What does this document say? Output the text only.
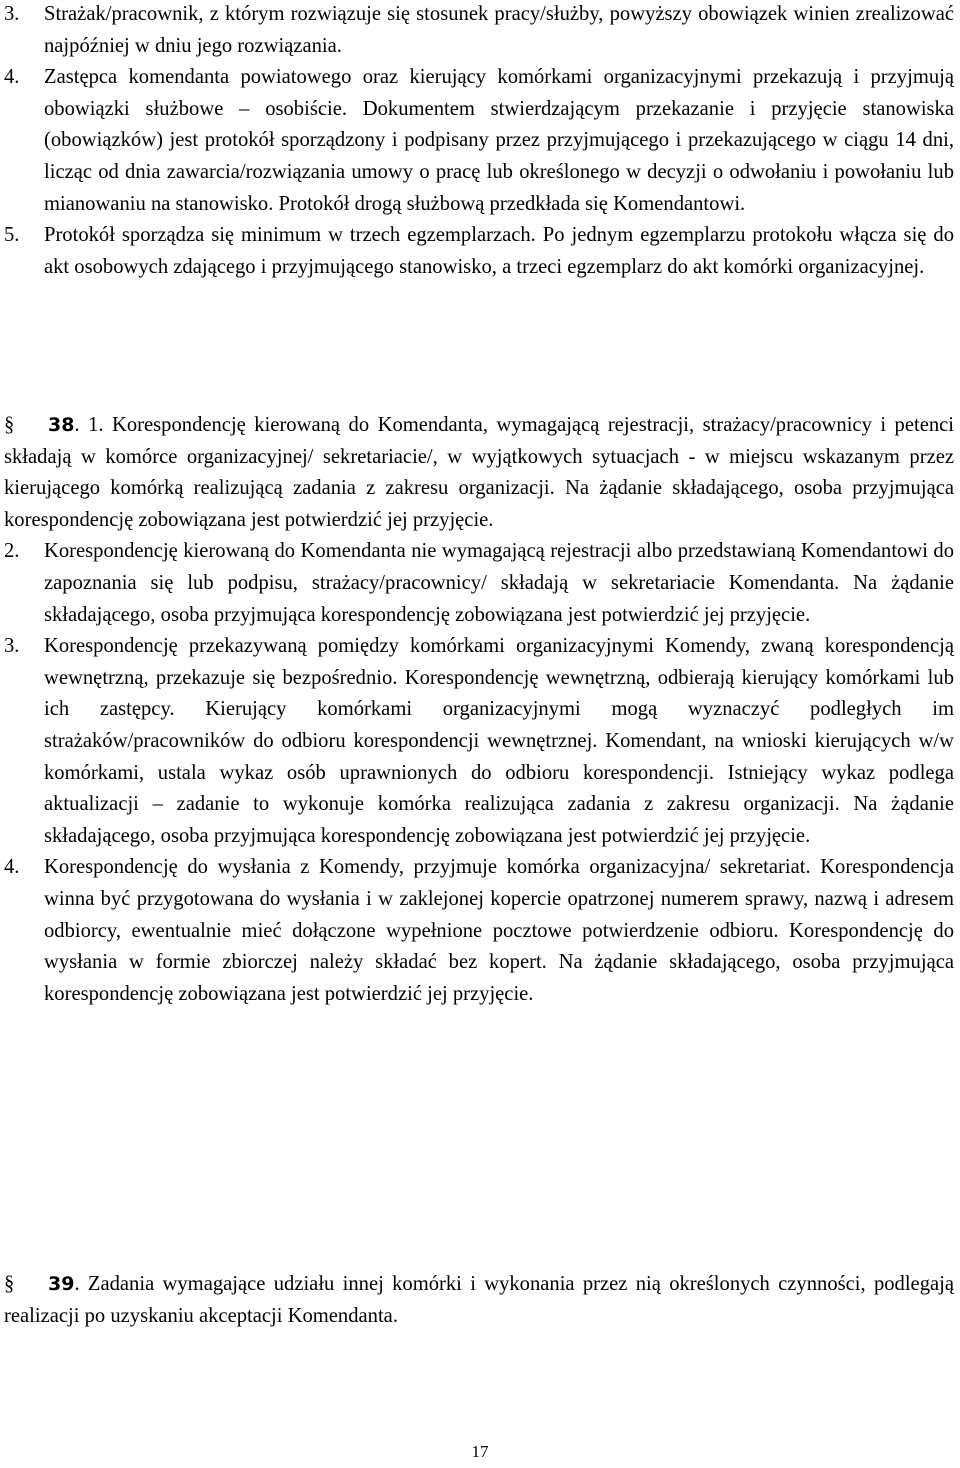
3. Strażak/pracownik, z którym rozwiązuje się stosunek pracy/służby, powyższy obowiązek winien zrealizować najpóźniej w dniu jego rozwiązania.
4. Zastępca komendanta powiatowego oraz kierujący komórkami organizacyjnymi przekazują i przyjmują obowiązki służbowe – osobiście. Dokumentem stwierdzającym przekazanie i przyjęcie stanowiska (obowiązków) jest protokół sporządzony i podpisany przez przyjmującego i przekazującego w ciągu 14 dni, licząc od dnia zawarcia/rozwiązania umowy o pracę lub określonego w decyzji o odwołaniu i powołaniu lub mianowaniu na stanowisko. Protokół drogą służbową przedkłada się Komendantowi.
5. Protokół sporządza się minimum w trzech egzemplarzach. Po jednym egzemplarzu protokołu włącza się do akt osobowych zdającego i przyjmującego stanowisko, a trzeci egzemplarz do akt komórki organizacyjnej.

§ 38. 1. Korespondencję kierowaną do Komendanta, wymagającą rejestracji, strażacy/pracownicy i petenci składają w komórce organizacyjnej/ sekretariacie/, w wyjątkowych sytuacjach - w miejscu wskazanym przez kierującego komórką realizującą zadania z zakresu organizacji. Na żądanie składającego, osoba przyjmująca korespondencję zobowiązana jest potwierdzić jej przyjęcie.

2. Korespondencję kierowaną do Komendanta nie wymagającą rejestracji albo przedstawianą Komendantowi do zapoznania się lub podpisu, strażacy/pracownicy/ składają w sekretariacie Komendanta. Na żądanie składającego, osoba przyjmująca korespondencję zobowiązana jest potwierdzić jej przyjęcie.
3. Korespondencję przekazywaną pomiędzy komórkami organizacyjnymi Komendy, zwaną korespondencją wewnętrzną, przekazuje się bezpośrednio. Korespondencję wewnętrzną, odbierają kierujący komórkami lub ich zastępcy. Kierujący komórkami organizacyjnymi mogą wyznaczyć podległych im strażaków/pracowników do odbioru korespondencji wewnętrznej. Komendant, na wnioski kierujących w/w komórkami, ustala wykaz osób uprawnionych do odbioru korespondencji. Istniejący wykaz podlega aktualizacji – zadanie to wykonuje komórka realizująca zadania z zakresu organizacji. Na żądanie składającego, osoba przyjmująca korespondencję zobowiązana jest potwierdzić jej przyjęcie.
4. Korespondencję do wysłania z Komendy, przyjmuje komórka organizacyjna/ sekretariat. Korespondencja winna być przygotowana do wysłania i w zaklejonej kopercie opatrzonej numerem sprawy, nazwą i adresem odbiorcy, ewentualnie mieć dołączone wypełnione pocztowe potwierdzenie odbioru. Korespondencję do wysłania w formie zbiorczej należy składać bez kopert. Na żądanie składającego, osoba przyjmująca korespondencję zobowiązana jest potwierdzić jej przyjęcie.

§ 39. Zadania wymagające udziału innej komórki i wykonania przez nią określonych czynności, podlegają realizacji po uzyskaniu akceptacji Komendanta.

17
